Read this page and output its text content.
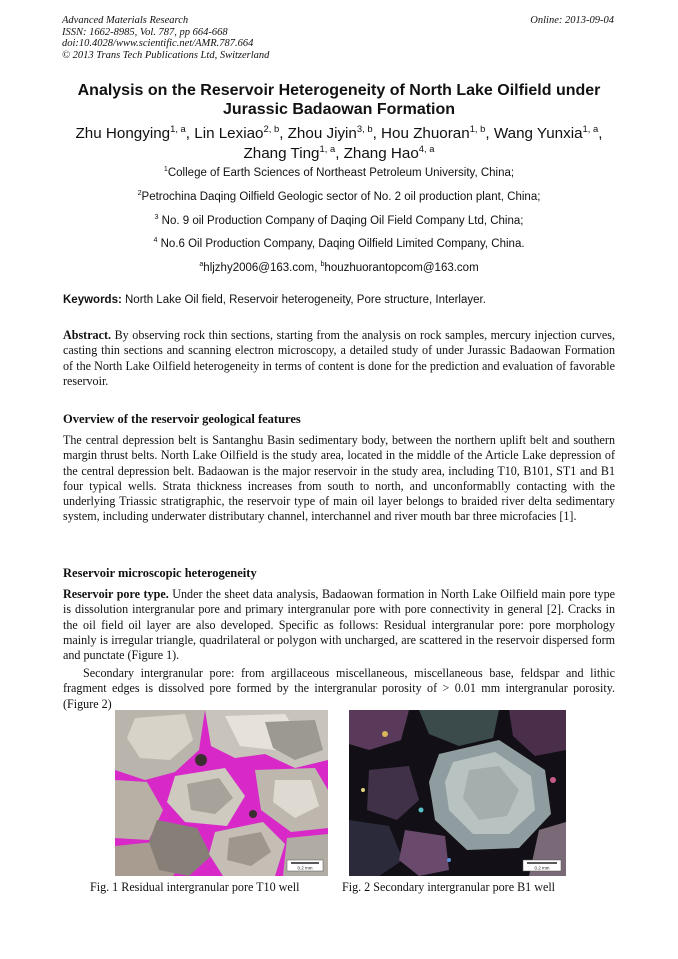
Advanced Materials Research
ISSN: 1662-8985, Vol. 787, pp 664-668
doi:10.4028/www.scientific.net/AMR.787.664
© 2013 Trans Tech Publications Ltd, Switzerland
Online: 2013-09-04
Analysis on the Reservoir Heterogeneity of North Lake Oilfield under
Jurassic Badaowan Formation
Zhu Hongying$^{1, a}$, Lin Lexiao$^{2, b}$, Zhou Jiyin$^{3, b}$, Hou Zhuoran$^{1, b}$, Wang Yunxia$^{1, a}$,
Zhang Ting$^{1, a}$, Zhang Hao$^{4, a}$
$^1$College of Earth Sciences of Northeast Petroleum University, China;
$^2$Petrochina Daqing Oilfield Geologic sector of No. 2 oil production plant, China;
$^3$ No. 9 oil Production Company of Daqing Oil Field Company Ltd, China;
$^4$ No.6 Oil Production Company, Daqing Oilfield Limited Company, China.
$^a$hljzhy2006@163.com, $^b$houzhuorantopcom@163.com
Keywords: North Lake Oil field, Reservoir heterogeneity, Pore structure, Interlayer.
Abstract. By observing rock thin sections, starting from the analysis on rock samples, mercury injection curves, casting thin sections and scanning electron microscopy, a detailed study of under Jurassic Badaowan Formation of the North Lake Oilfield heterogeneity in terms of content is done for the prediction and evaluation of favorable reservoir.
Overview of the reservoir geological features
The central depression belt is Santanghu Basin sedimentary body, between the northern uplift belt and southern margin thrust belts. North Lake Oilfield is the study area, located in the middle of the Article Lake depression of the central depression belt. Badaowan is the major reservoir in the study area, including T10, B101, ST1 and B1 four typical wells. Strata thickness increases from south to north, and unconformablly contacting with the underlying Triassic stratigraphic, the reservoir type of main oil layer belongs to braided river delta sedimentary system, including underwater distributary channel, interchannel and river mouth bar three microfacies [1].
Reservoir microscopic heterogeneity
Reservoir pore type. Under the sheet data analysis, Badaowan formation in North Lake Oilfield main pore type is dissolution intergranular pore and primary intergranular pore with pore connectivity in general [2]. Cracks in the oil field oil layer are also developed. Specific as follows: Residual intergranular pore: pore morphology mainly is irregular triangle, quadrilateral or polygon with uncharged, are scattered in the reservoir dispersed form and punctate (Figure 1).
Secondary intergranular pore: from argillaceous miscellaneous, miscellaneous base, feldspar and lithic fragment edges is dissolved pore formed by the intergranular porosity of > 0.01 mm intergranular porosity. (Figure 2)
0.2 mm	0.2 mm
Fig. 1 Residual intergranular pore T10 well	Fig. 2 Secondary intergranular pore B1 well
